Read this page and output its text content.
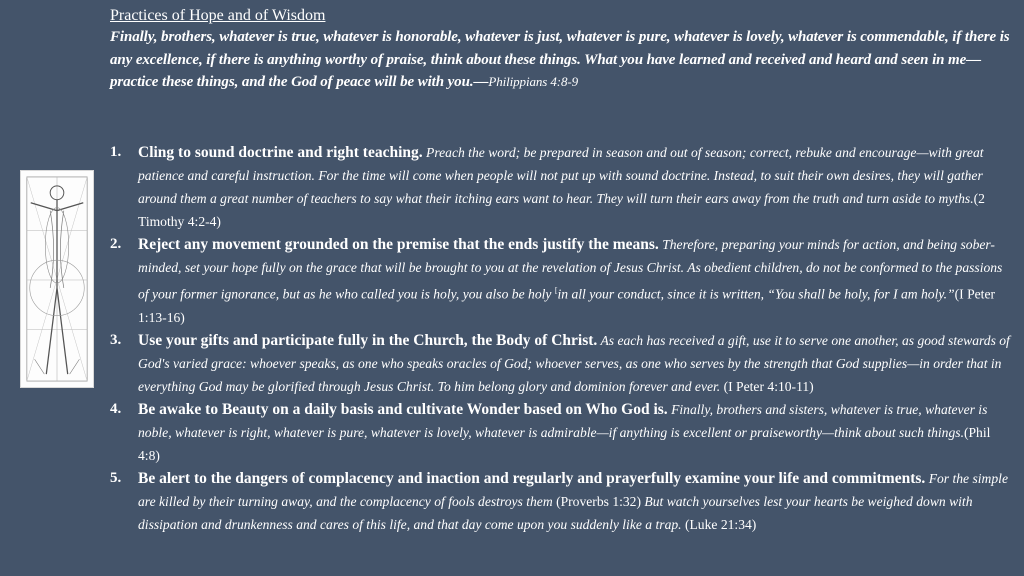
Practices of Hope and of Wisdom
Finally, brothers, whatever is true, whatever is honorable, whatever is just, whatever is pure, whatever is lovely, whatever is commendable, if there is any excellence, if there is anything worthy of praise, think about these things. What you have learned and received and heard and seen in me—practice these things, and the God of peace will be with you.—Philippians 4:8-9
1.	Cling to sound doctrine and right teaching. Preach the word; be prepared in season and out of season; correct, rebuke and encourage—with great patience and careful instruction. For the time will come when people will not put up with sound doctrine. Instead, to suit their own desires, they will gather around them a great number of teachers to say what their itching ears want to hear. They will turn their ears away from the truth and turn aside to myths.(2 Timothy 4:2-4)
2.	Reject any movement grounded on the premise that the ends justify the means. Therefore, preparing your minds for action, and being sober-minded, set your hope fully on the grace that will be brought to you at the revelation of Jesus Christ. As obedient children, do not be conformed to the passions of your former ignorance, but as he who called you is holy, you also be holy [in all your conduct, since it is written, “You shall be holy, for I am holy.”(I Peter 1:13-16)
3.	Use your gifts and participate fully in the Church, the Body of Christ. As each has received a gift, use it to serve one another, as good stewards of God's varied grace: whoever speaks, as one who speaks oracles of God; whoever serves, as one who serves by the strength that God supplies—in order that in everything God may be glorified through Jesus Christ. To him belong glory and dominion forever and ever. (I Peter 4:10-11)
4.	Be awake to Beauty on a daily basis and cultivate Wonder based on Who God is. Finally, brothers and sisters, whatever is true, whatever is noble, whatever is right, whatever is pure, whatever is lovely, whatever is admirable—if anything is excellent or praiseworthy—think about such things.(Phil 4:8)
5.	Be alert to the dangers of complacency and inaction and regularly and prayerfully examine your life and commitments. For the simple are killed by their turning away, and the complacency of fools destroys them (Proverbs 1:32) But watch yourselves lest your hearts be weighed down with dissipation and drunkenness and cares of this life, and that day come upon you suddenly like a trap. (Luke 21:34)
